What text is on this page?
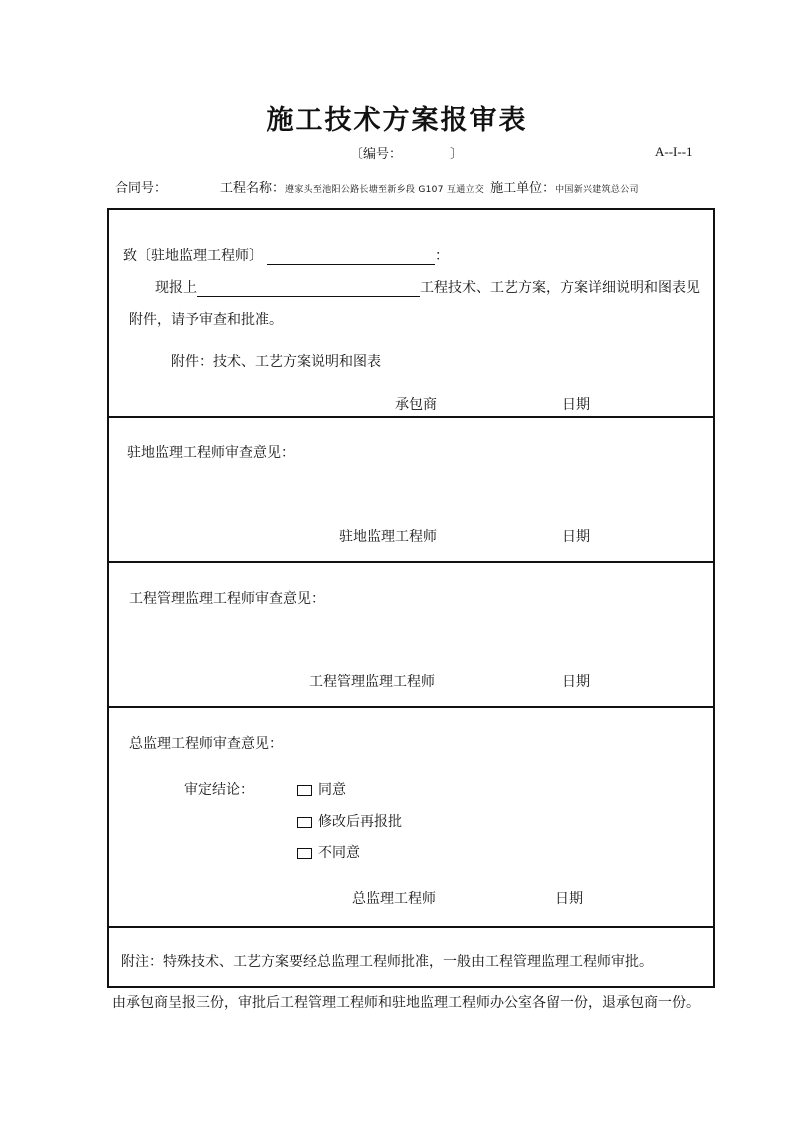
施工技术方案报审表
〔编号：	〕	A--I--1
合同号：	工程名称：遵家头至池阳公路长塘至新乡段 G107 互通立交 施工单位：中国新兴建筑总公司
致〔驻地监理工程师〕	：
现报上	工程技术、工艺方案，方案详细说明和图表见
附件，请予审查和批准。
附件：技术、工艺方案说明和图表
承包商	日期
驻地监理工程师审查意见：
驻地监理工程师	日期
工程管理监理工程师审查意见：
工程管理监理工程师	日期
总监理工程师审查意见：
审定结论：	同意
修改后再报批
不同意
总监理工程师	日期
附注：特殊技术、工艺方案要经总监理工程师批准，一般由工程管理监理工程师审批。
由承包商呈报三份，审批后工程管理工程师和驻地监理工程师办公室各留一份，退承包商一份。
